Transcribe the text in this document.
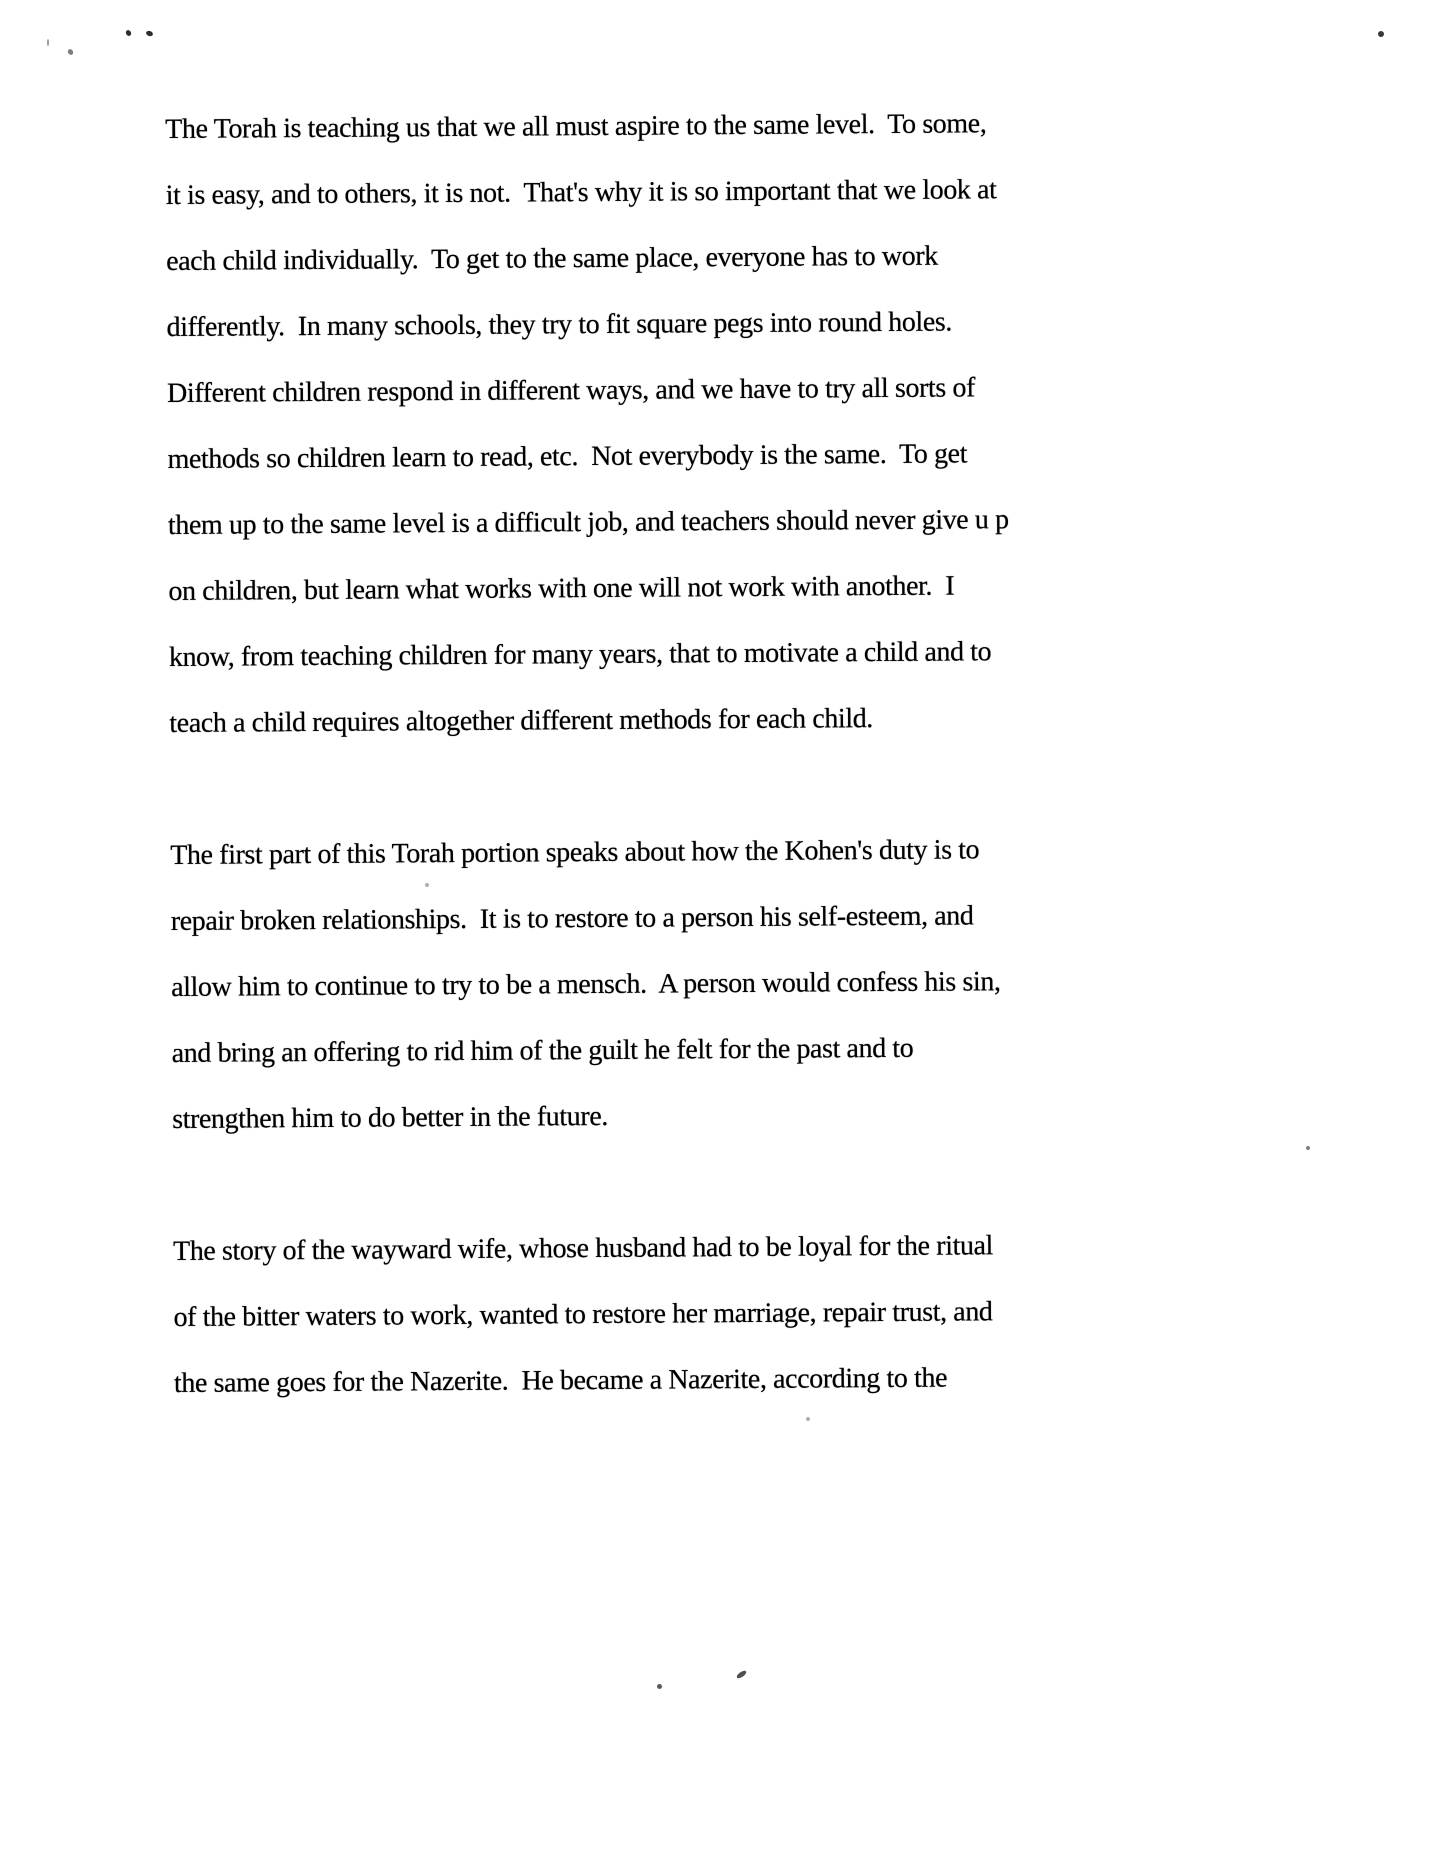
The Torah is teaching us that we all must aspire to the same level.  To some,
it is easy, and to others, it is not.  That's why it is so important that we look at
each child individually.  To get to the same place, everyone has to work
differently.  In many schools, they try to fit square pegs into round holes.
Different children respond in different ways, and we have to try all sorts of
methods so children learn to read, etc.  Not everybody is the same.  To get
them up to the same level is a difficult job, and teachers should never give u p
on children, but learn what works with one will not work with another.  I
know, from teaching children for many years, that to motivate a child and to
teach a child requires altogether different methods for each child.
The first part of this Torah portion speaks about how the Kohen's duty is to
repair broken relationships.  It is to restore to a person his self-esteem, and
allow him to continue to try to be a mensch.  A person would confess his sin,
and bring an offering to rid him of the guilt he felt for the past and to
strengthen him to do better in the future.
The story of the wayward wife, whose husband had to be loyal for the ritual
of the bitter waters to work, wanted to restore her marriage, repair trust, and
the same goes for the Nazerite.  He became a Nazerite, according to the
